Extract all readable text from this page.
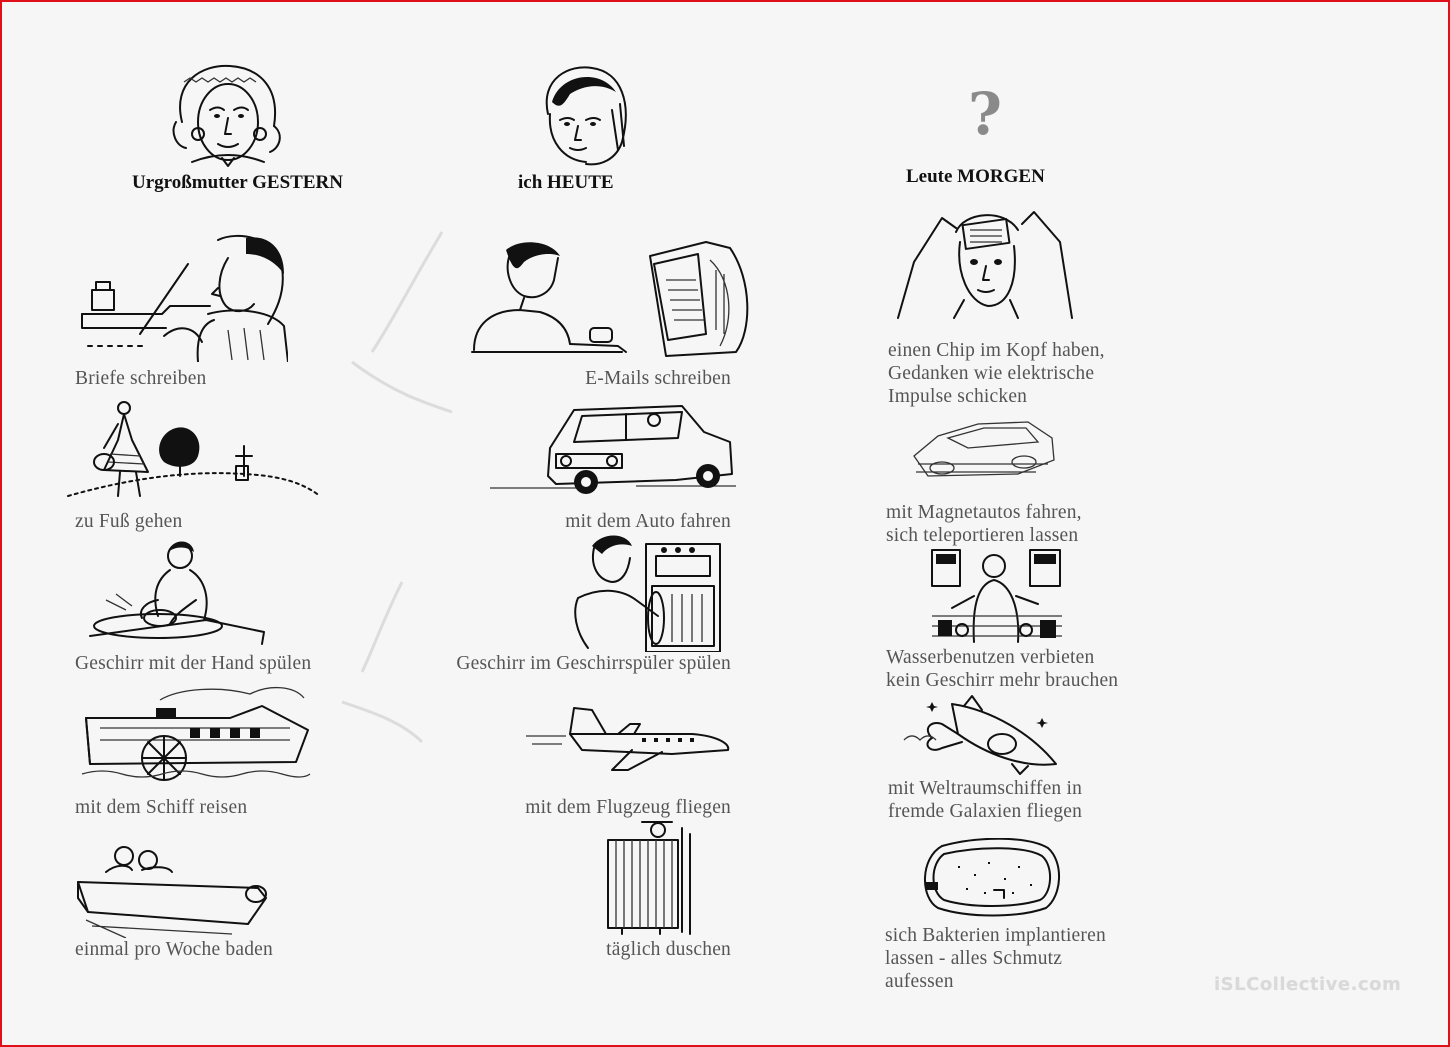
Urgroßmutter GESTERN	ich HEUTE
?
Leute MORGEN
Briefe schreiben
zu Fuß gehen
Geschirr mit der Hand spülen
mit dem Schiff reisen
einmal pro Woche baden
E-Mails schreiben
mit dem Auto fahren
Geschirr im Geschirrspüler spülen
mit dem Flugzeug fliegen
täglich duschen
einen Chip im Kopf haben,
Gedanken wie elektrische
Impulse schicken
mit Magnetautos fahren,
sich teleportieren lassen
Wasserbenutzen verbieten
kein Geschirr mehr brauchen
mit Weltraumschiffen in
fremde Galaxien fliegen
sich Bakterien implantieren
lassen - alles Schmutz
aufessen	iSLCollective.com
